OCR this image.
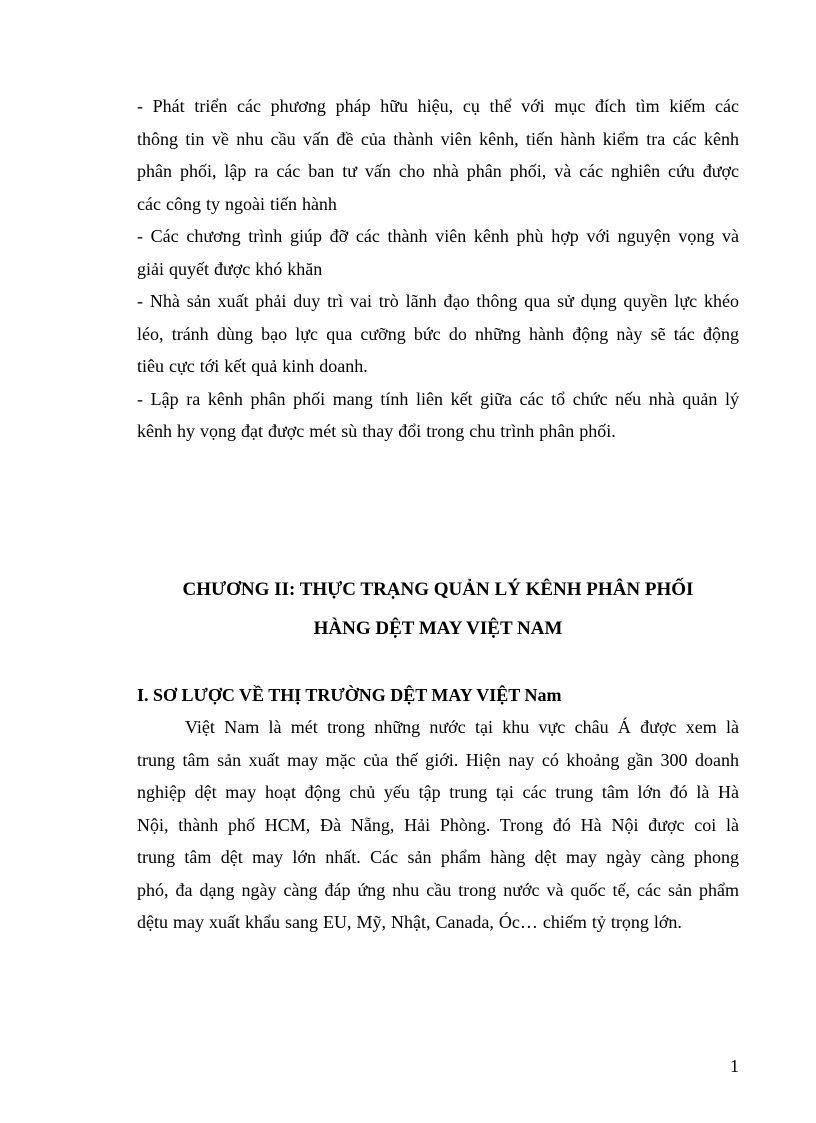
- Phát triển các phương pháp hữu hiệu, cụ thể với mục đích tìm kiếm các
thông tin về nhu cầu vấn đề của thành viên kênh, tiến hành kiểm tra các kênh
phân phối, lập ra các ban tư vấn cho nhà phân phối, và các nghiên cứu được
các công ty ngoài tiến hành
- Các chương trình giúp đỡ các thành viên kênh phù hợp với nguyện vọng và
giải quyết được khó khăn
- Nhà sản xuất phải duy trì vai trò lãnh đạo thông qua sử dụng quyền lực khéo
léo, tránh dùng bạo lực qua cưỡng bức do những hành động này sẽ tác động
tiêu cực tới kết quả kinh doanh.
- Lập ra kênh phân phối mang tính liên kết giữa các tổ chức nếu nhà quản lý
kênh hy vọng đạt được mét sù thay đổi trong chu trình phân phối.
CHƯƠNG II: THỰC TRẠNG QUẢN LÝ KÊNH PHÂN PHỐI
HÀNG DỆT MAY VIỆT NAM
I. SƠ LƯỢC VỀ THỊ TRƯỜNG DỆT MAY VIỆT Nam
Việt Nam là mét trong những nước tại khu vực châu Á được xem là
trung tâm sản xuất may mặc của thế giới. Hiện nay có khoảng gần 300 doanh
nghiệp dệt may hoạt động chủ yếu tập trung tại các trung tâm lớn đó là Hà
Nội, thành phố HCM, Đà Nẵng, Hải Phòng. Trong đó Hà Nội được coi là
trung tâm dệt may lớn nhất. Các sản phẩm hàng dệt may ngày càng phong
phó, đa dạng ngày càng đáp ứng nhu cầu trong nước và quốc tế, các sản phẩm
dệtu may xuất khẩu sang EU, Mỹ, Nhật, Canada, Óc… chiếm tỷ trọng lớn.
1
